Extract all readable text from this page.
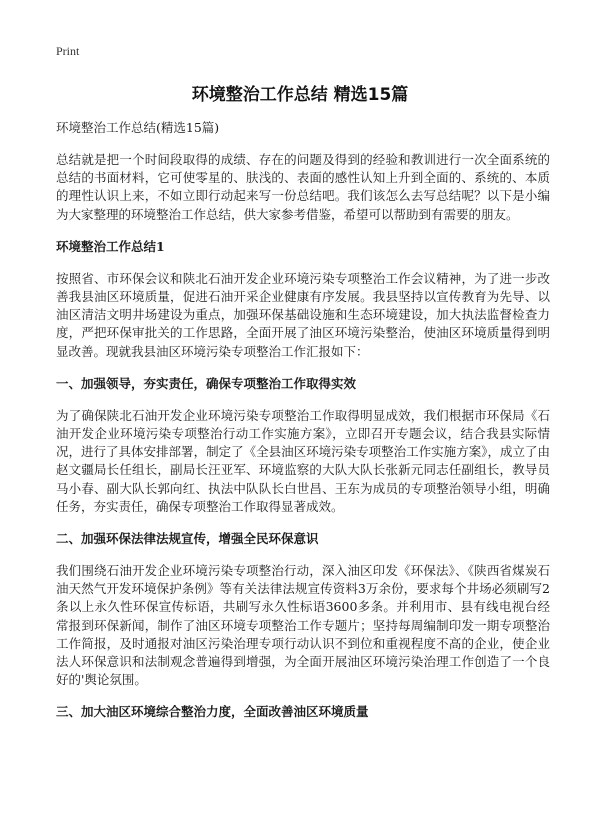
Print
环境整治工作总结 精选15篇

环境整治工作总结(精选15篇)

总结就是把一个时间段取得的成绩、存在的问题及得到的经验和教训进行一次全面系统的总结的书面材料，它可使零星的、肤浅的、表面的感性认知上升到全面的、系统的、本质的理性认识上来，不如立即行动起来写一份总结吧。我们该怎么去写总结呢？以下是小编为大家整理的环境整治工作总结，供大家参考借鉴，希望可以帮助到有需要的朋友。

环境整治工作总结1

按照省、市环保会议和陕北石油开发企业环境污染专项整治工作会议精神，为了进一步改善我县油区环境质量，促进石油开采企业健康有序发展。我县坚持以宣传教育为先导、以油区清洁文明井场建设为重点，加强环保基础设施和生态环境建设，加大执法监督检查力度，严把环保审批关的工作思路，全面开展了油区环境污染整治，使油区环境质量得到明显改善。现就我县油区环境污染专项整治工作汇报如下：

一、加强领导，夯实责任，确保专项整治工作取得实效

为了确保陕北石油开发企业环境污染专项整治工作取得明显成效，我们根据市环保局《石油开发企业环境污染专项整治行动工作实施方案》，立即召开专题会议，结合我县实际情况，进行了具体安排部署，制定了《全县油区环境污染专项整治工作实施方案》，成立了由赵文疆局长任组长，副局长汪亚军、环境监察的大队大队长张新元同志任副组长，教导员马小春、副大队长郭向红、执法中队队长白世昌、王东为成员的专项整治领导小组，明确任务，夯实责任，确保专项整治工作取得显著成效。

二、加强环保法律法规宣传，增强全民环保意识

我们围绕石油开发企业环境污染专项整治行动，深入油区印发《环保法》、《陕西省煤炭石油天然气开发环境保护条例》等有关法律法规宣传资料3万余份，要求每个井场必须刷写2条以上永久性环保宣传标语，共刷写永久性标语3600多条。并利用市、县有线电视台经常报到环保新闻，制作了油区环境专项整治工作专题片；坚持每周编制印发一期专项整治工作简报，及时通报对油区污染治理专项行动认识不到位和重视程度不高的企业，使企业法人环保意识和法制观念普遍得到增强，为全面开展油区环境污染治理工作创造了一个良好的'舆论氛围。

三、加大油区环境综合整治力度，全面改善油区环境质量
